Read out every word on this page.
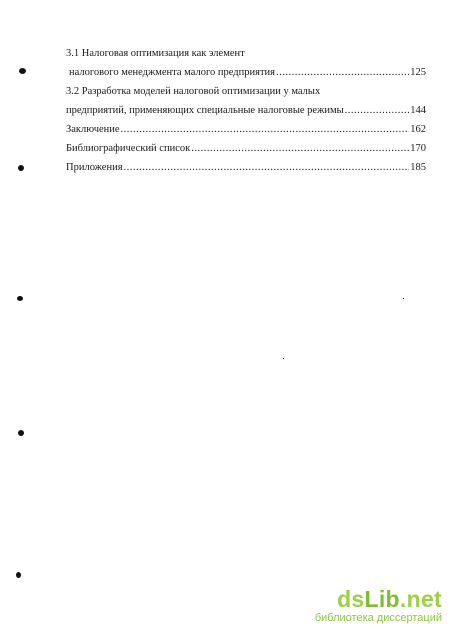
3.1 Налоговая оптимизация как элемент
налогового менеджмента малого предприятия .....	125
3.2 Разработка моделей налоговой оптимизации у малых
предприятий, применяющих специальные налоговые режимы .....	144
Заключение .....	162
Библиографический список .....	170
Приложения .....	185
dsLib.net
библиотека диссертаций
